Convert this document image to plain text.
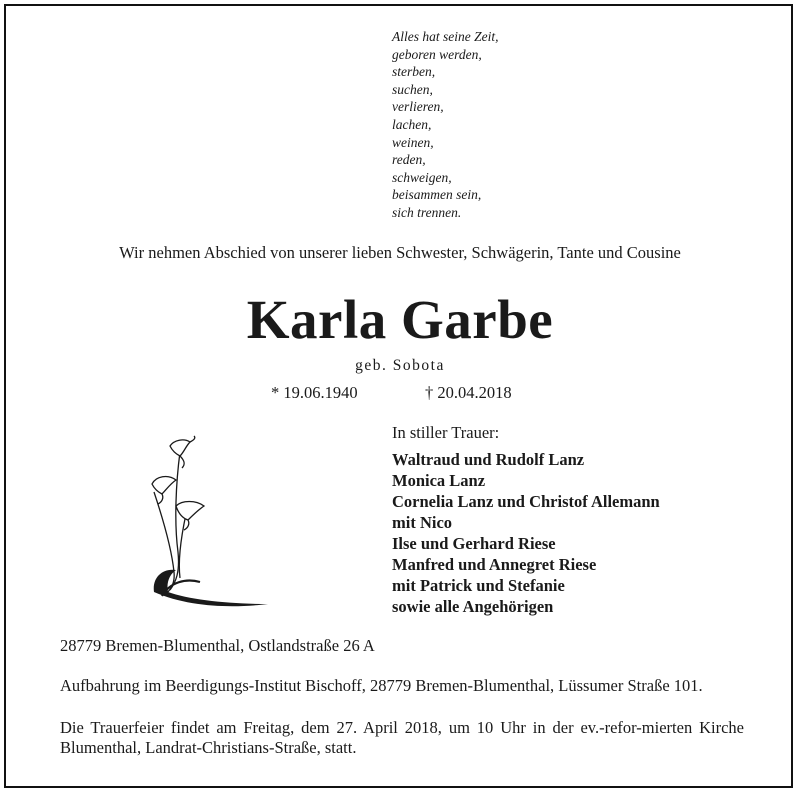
Alles hat seine Zeit,
geboren werden,
sterben,
suchen,
verlieren,
lachen,
weinen,
reden,
schweigen,
beisammen sein,
sich trennen.
Wir nehmen Abschied von unserer lieben Schwester, Schwägerin, Tante und Cousine
Karla Garbe
geb. Sobota
* 19.06.1940	† 20.04.2018
In stiller Trauer:
Waltraud und Rudolf Lanz
Monica Lanz
Cornelia Lanz und Christof Allemann
mit Nico
Ilse und Gerhard Riese
Manfred und Annegret Riese
mit Patrick und Stefanie
sowie alle Angehörigen
28779 Bremen-Blumenthal, Ostlandstraße 26 A
Aufbahrung im Beerdigungs-Institut Bischoff, 28779 Bremen-Blumenthal, Lüssumer Straße 101.
Die Trauerfeier findet am Freitag, dem 27. April 2018, um 10 Uhr in der ev.-refor-mierten Kirche Blumenthal, Landrat-Christians-Straße, statt.
